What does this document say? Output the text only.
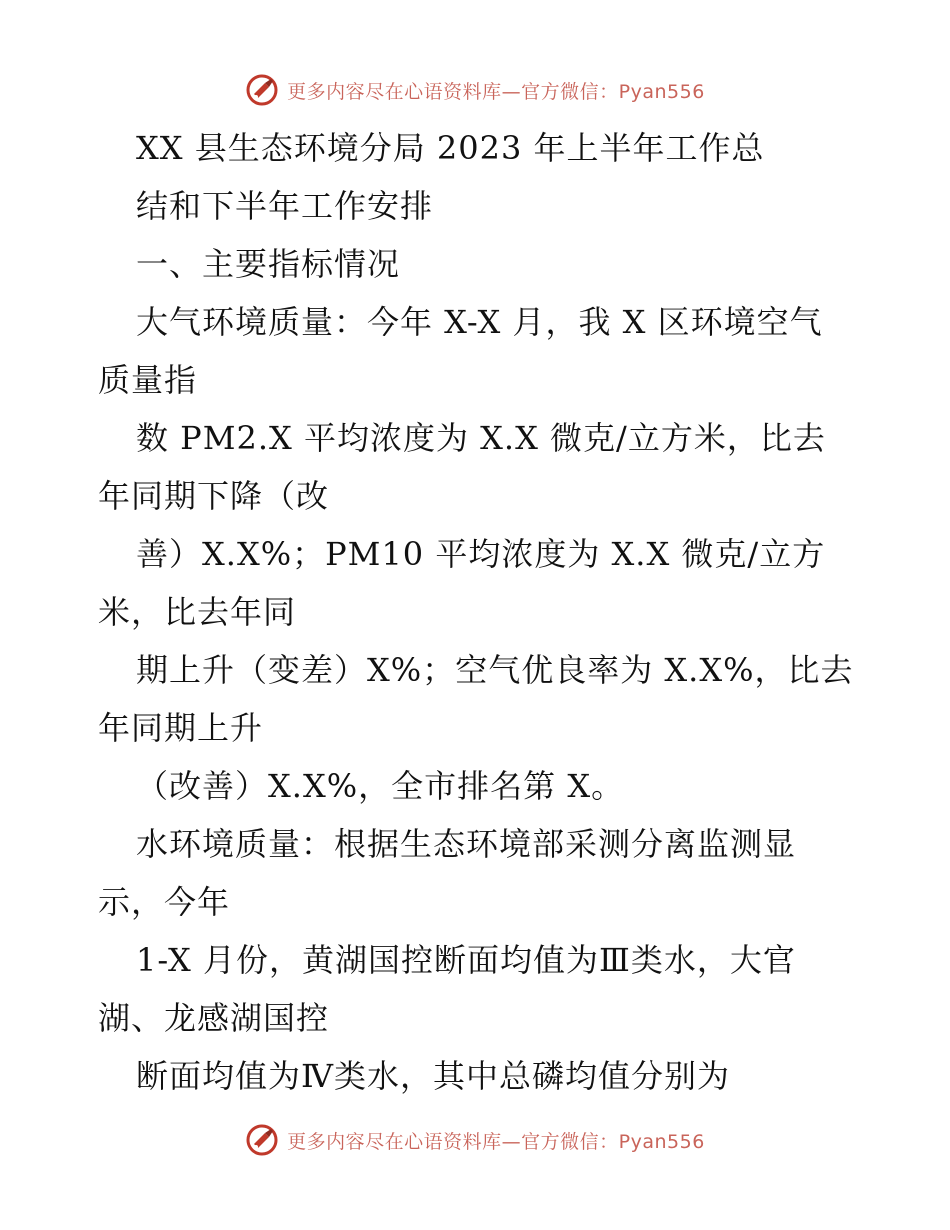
更多内容尽在心语资料库—官方微信：Pyan556
XX 县生态环境分局 2023 年上半年工作总
结和下半年工作安排
一、主要指标情况
大气环境质量：今年 X-X 月，我 X 区环境空气
质量指
数 PM2.X 平均浓度为 X.X 微克/立方米，比去
年同期下降（改
善）X.X%；PM10 平均浓度为 X.X 微克/立方
米，比去年同
期上升（变差）X%；空气优良率为 X.X%，比去
年同期上升
（改善）X.X%，全市排名第 X。
水环境质量：根据生态环境部采测分离监测显
示，今年
1-X 月份，黄湖国控断面均值为Ⅲ类水，大官
湖、龙感湖国控
断面均值为Ⅳ类水，其中总磷均值分别为
更多内容尽在心语资料库—官方微信：Pyan556
